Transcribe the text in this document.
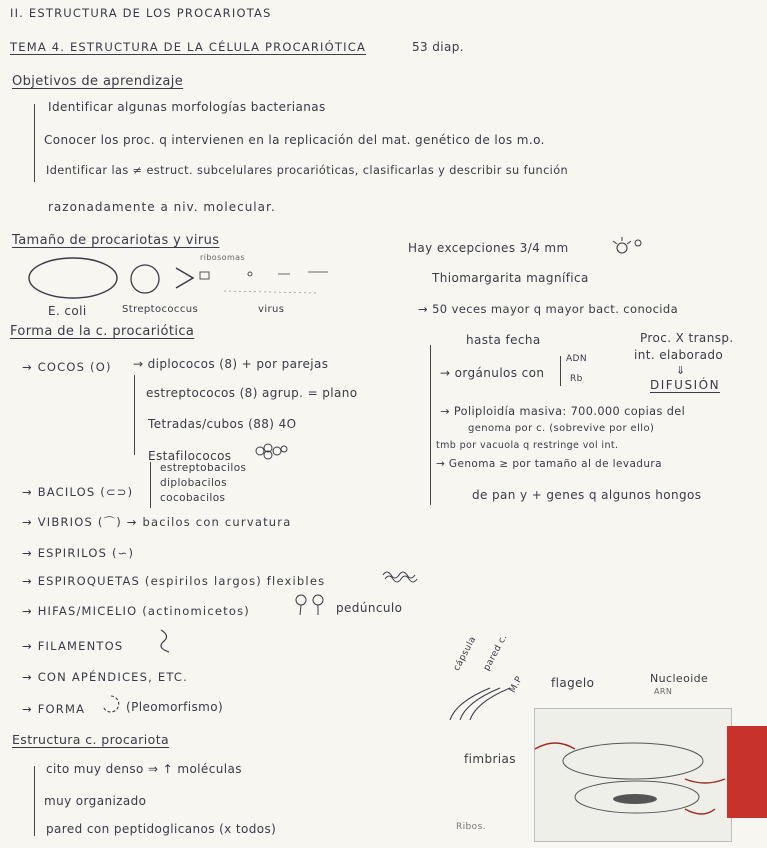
II. ESTRUCTURA DE LOS PROCARIOTAS
TEMA 4. ESTRUCTURA DE LA CÉLULA PROCARIÓTICA	53 diap.
Objetivos de aprendizaje
Identificar algunas morfologías bacterianas
Conocer los proc. q intervienen en la replicación del mat. genético de los m.o.
Identificar las ≠ estruct. subcelulares procarióticas, clasificarlas y describir su función
razonadamente a niv. molecular.
Tamaño de procariotas y virus
ribosomas
E. coli	Streptococcus	virus
Hay excepciones 3/4 mm
Thiomargarita magnífica
→ 50 veces mayor q mayor bact. conocida
hasta fecha	Proc. X transp.
int. elaborado
→ orgánulos con
ADN
Rb
⇓
DIFUSIÓN
→ Poliploidía masiva: 700.000 copias del
genoma por c. (sobrevive por ello)
tmb por vacuola q restringe vol int.
→ Genoma ≥ por tamaño al de levadura
de pan y + genes q algunos hongos
Forma de la c. procariótica
→ COCOS (O) → diplococos (8) + por parejas
estreptococos (8) agrup. = plano
Tetradas/cubos (88) 4O
Estafilococos
→ BACILOS (⊂⊃)
estreptobacilos
diplobacilos
cocobacilos
→ VIBRIOS (⌒) → bacilos con curvatura
→ ESPIRILOS (∽)
→ ESPIROQUETAS (espirilos largos) flexibles
→ HIFAS/MICELIO (actinomicetos)	pedúnculo
→ FILAMENTOS
→ CON APÉNDICES, ETC.
→ FORMA	(Pleomorfismo)
Estructura c. procariota
cito muy denso ⇒ ↑ moléculas
muy organizado
pared con peptidoglicanos (x todos)
cápsula pared c.
M.P flagelo	Nucleoide
ARN
fimbrias
Ribos.
